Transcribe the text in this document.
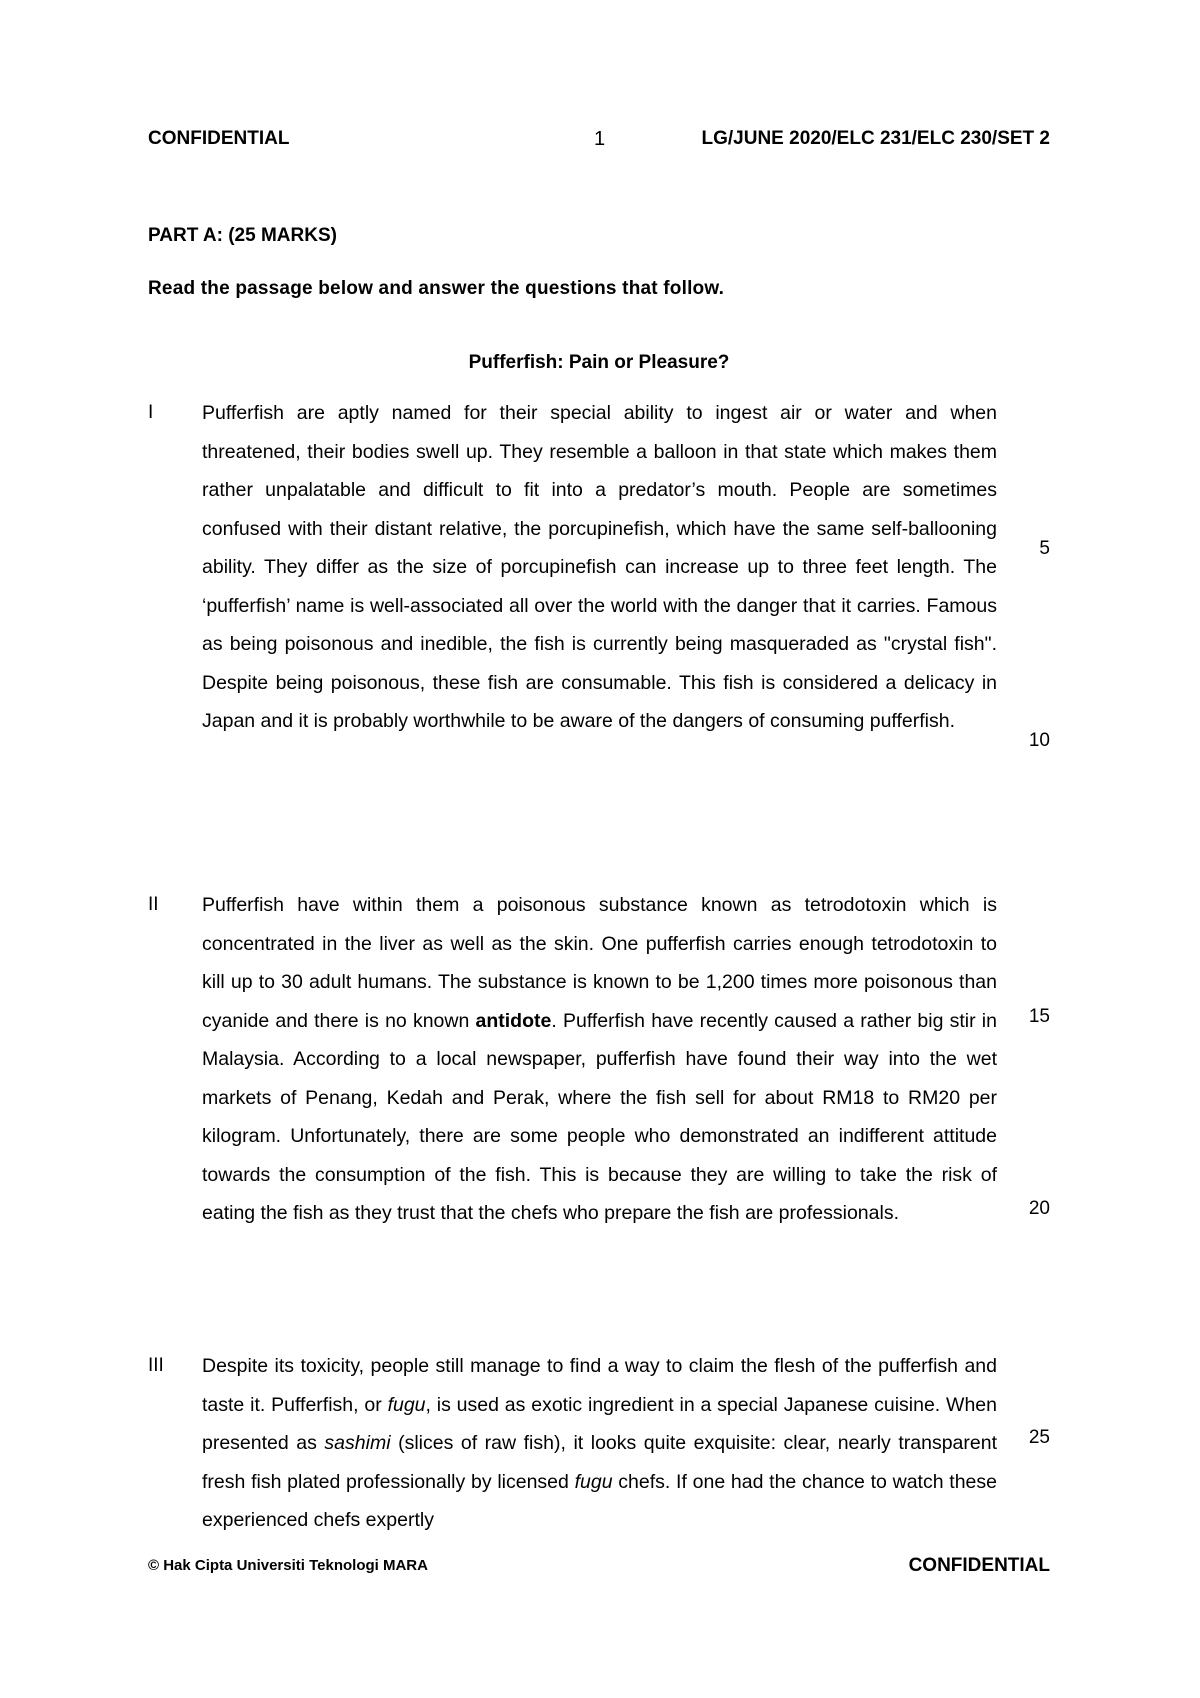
CONFIDENTIAL	1	LG/JUNE 2020/ELC 231/ELC 230/SET 2
PART A: (25 MARKS)
Read the passage below and answer the questions that follow.
Pufferfish: Pain or Pleasure?
I Pufferfish are aptly named for their special ability to ingest air or water and when threatened, their bodies swell up. They resemble a balloon in that state which makes them rather unpalatable and difficult to fit into a predator’s mouth. People are sometimes confused with their distant relative, the porcupinefish, which have the same self-ballooning ability. They differ as the size of porcupinefish can increase up to three feet length. The ‘pufferfish’ name is well-associated all over the world with the danger that it carries. Famous as being poisonous and inedible, the fish is currently being masqueraded as "crystal fish". Despite being poisonous, these fish are consumable. This fish is considered a delicacy in Japan and it is probably worthwhile to be aware of the dangers of consuming pufferfish.
5
10
II Pufferfish have within them a poisonous substance known as tetrodotoxin which is concentrated in the liver as well as the skin. One pufferfish carries enough tetrodotoxin to kill up to 30 adult humans. The substance is known to be 1,200 times more poisonous than cyanide and there is no known antidote. Pufferfish have recently caused a rather big stir in Malaysia. According to a local newspaper, pufferfish have found their way into the wet markets of Penang, Kedah and Perak, where the fish sell for about RM18 to RM20 per kilogram. Unfortunately, there are some people who demonstrated an indifferent attitude towards the consumption of the fish. This is because they are willing to take the risk of eating the fish as they trust that the chefs who prepare the fish are professionals.
15
20
III Despite its toxicity, people still manage to find a way to claim the flesh of the pufferfish and taste it. Pufferfish, or fugu, is used as exotic ingredient in a special Japanese cuisine. When presented as sashimi (slices of raw fish), it looks quite exquisite: clear, nearly transparent fresh fish plated professionally by licensed fugu chefs. If one had the chance to watch these experienced chefs expertly
25
© Hak Cipta Universiti Teknologi MARA	CONFIDENTIAL
